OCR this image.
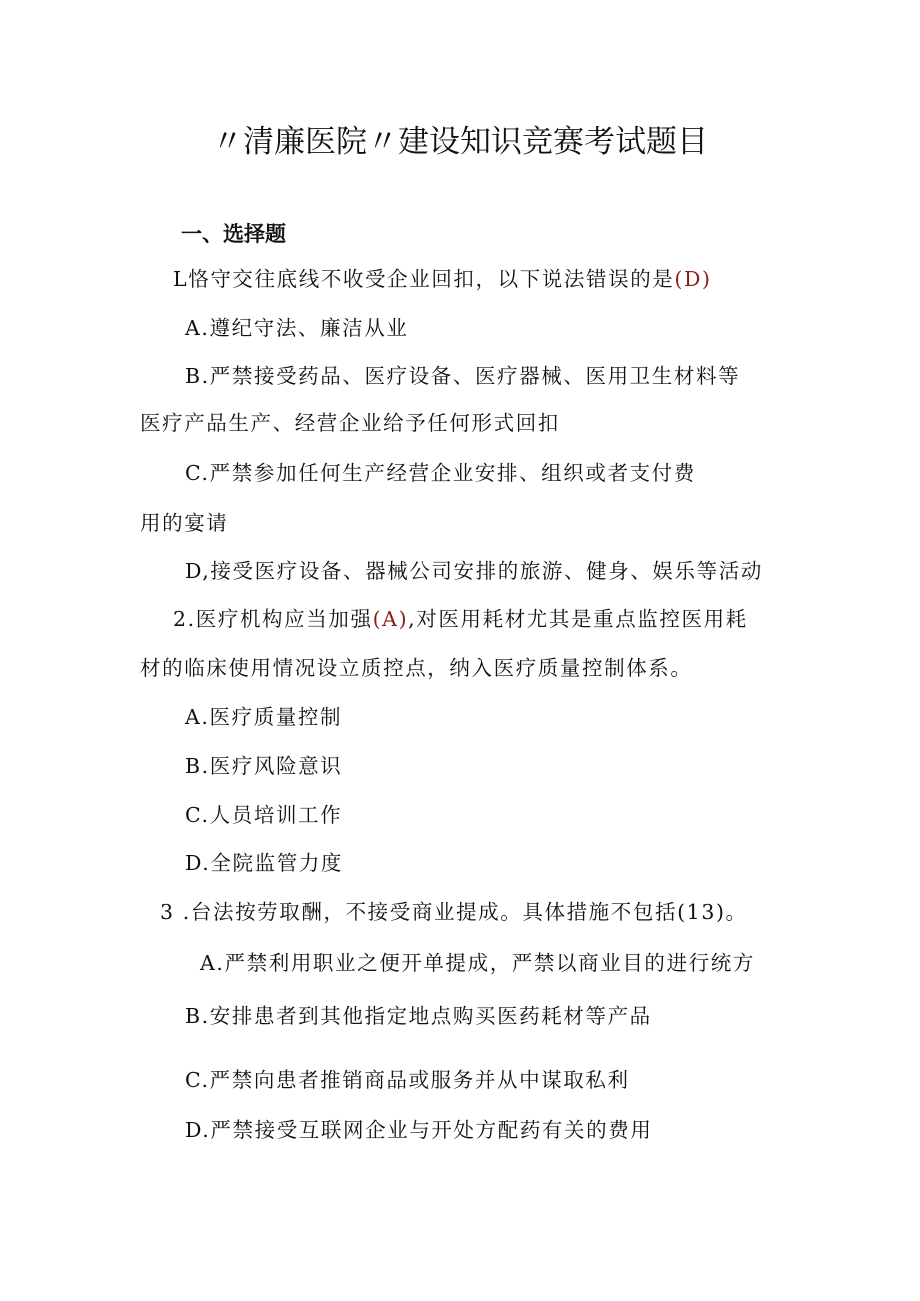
〃清廉医院〃建设知识竞赛考试题目
一、选择题
L恪守交往底线不收受企业回扣，以下说法错误的是(D)
A.遵纪守法、廉洁从业
B.严禁接受药品、医疗设备、医疗器械、医用卫生材料等
医疗产品生产、经营企业给予任何形式回扣
C.严禁参加任何生产经营企业安排、组织或者支付费
用的宴请
D,接受医疗设备、器械公司安排的旅游、健身、娱乐等活动
2.医疗机构应当加强(A),对医用耗材尤其是重点监控医用耗
材的临床使用情况设立质控点，纳入医疗质量控制体系。
A.医疗质量控制
B.医疗风险意识
C.人员培训工作
D.全院监管力度
3 .台法按劳取酬，不接受商业提成。具体措施不包括(13)。
A.严禁利用职业之便开单提成，严禁以商业目的进行统方
B.安排患者到其他指定地点购买医药耗材等产品
C.严禁向患者推销商品或服务并从中谋取私利
D.严禁接受互联网企业与开处方配药有关的费用
